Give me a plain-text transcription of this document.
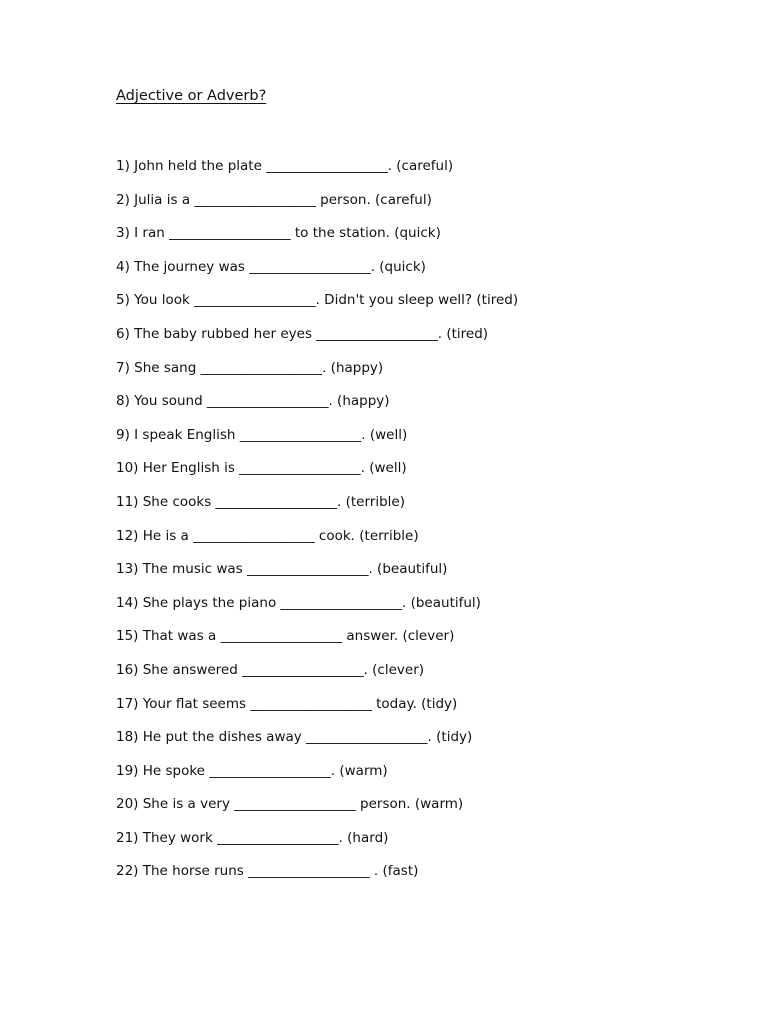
Adjective or Adverb?
1) John held the plate __________________. (careful)
2) Julia is a __________________ person. (careful)
3) I ran __________________ to the station. (quick)
4) The journey was __________________. (quick)
5) You look __________________. Didn't you sleep well? (tired)
6) The baby rubbed her eyes __________________. (tired)
7) She sang __________________. (happy)
8) You sound __________________. (happy)
9) I speak English __________________. (well)
10) Her English is __________________. (well)
11) She cooks __________________. (terrible)
12) He is a __________________ cook. (terrible)
13) The music was __________________. (beautiful)
14) She plays the piano __________________. (beautiful)
15) That was a __________________ answer. (clever)
16) She answered __________________. (clever)
17) Your flat seems __________________ today. (tidy)
18) He put the dishes away __________________. (tidy)
19) He spoke __________________. (warm)
20) She is a very __________________ person. (warm)
21) They work __________________. (hard)
22) The horse runs __________________ . (fast)
